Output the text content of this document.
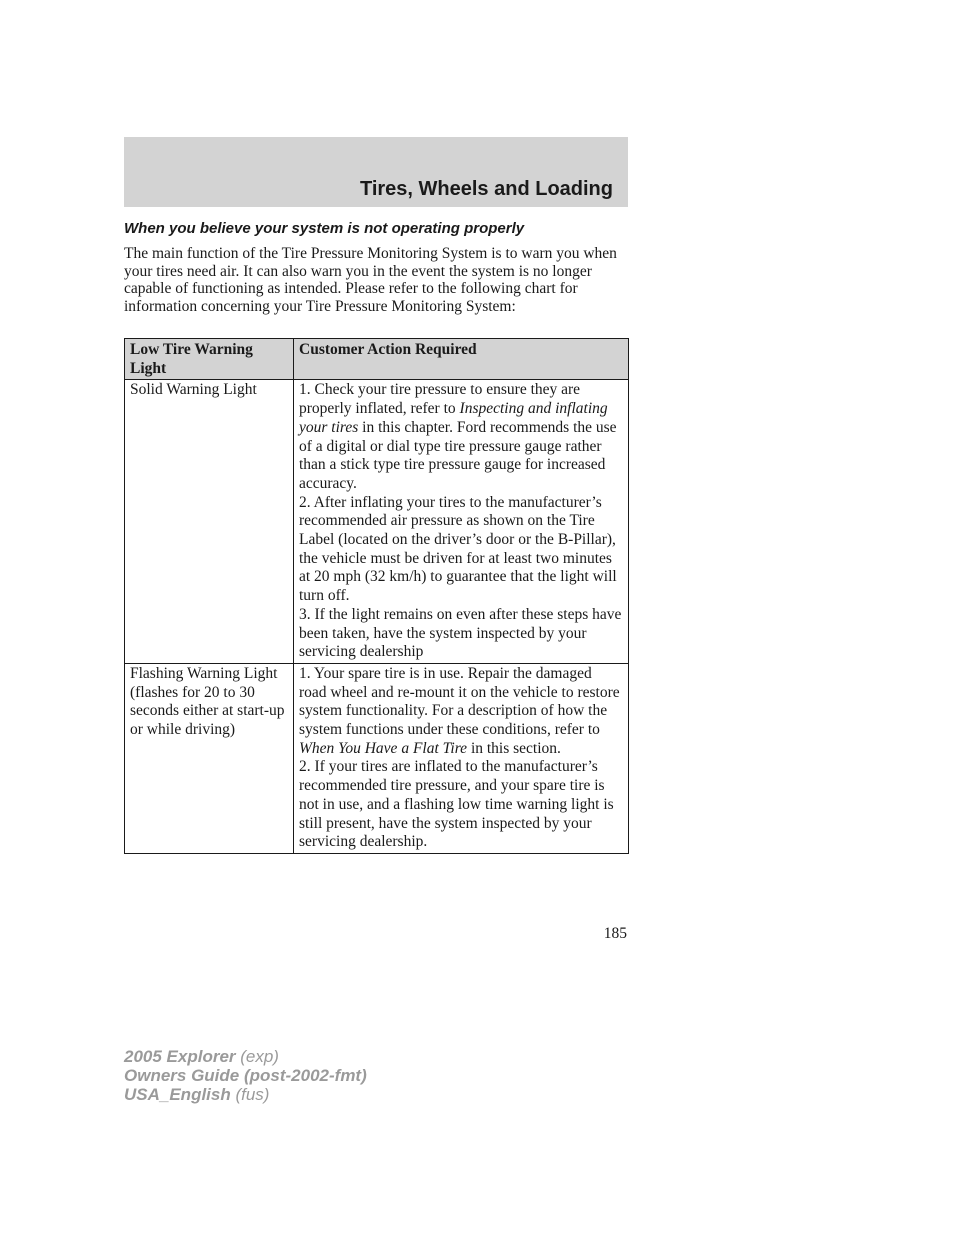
Tires, Wheels and Loading
When you believe your system is not operating properly

The main function of the Tire Pressure Monitoring System is to warn you when your tires need air. It can also warn you in the event the system is no longer capable of functioning as intended. Please refer to the following chart for information concerning your Tire Pressure Monitoring System:

Low Tire Warning Light	Customer Action Required
Solid Warning Light	1. Check your tire pressure to ensure they are properly inflated, refer to Inspecting and inflating your tires in this chapter. Ford recommends the use of a digital or dial type tire pressure gauge rather than a stick type tire pressure gauge for increased accuracy.
2. After inflating your tires to the manufacturer’s recommended air pressure as shown on the Tire Label (located on the driver’s door or the B-Pillar), the vehicle must be driven for at least two minutes at 20 mph (32 km/h) to guarantee that the light will turn off.
3. If the light remains on even after these steps have been taken, have the system inspected by your servicing dealership

Flashing Warning Light (flashes for 20 to 30 seconds either at start-up or while driving)	1. Your spare tire is in use. Repair the damaged road wheel and re-mount it on the vehicle to restore system functionality. For a description of how the system functions under these conditions, refer to When You Have a Flat Tire in this section.
2. If your tires are inflated to the manufacturer’s recommended tire pressure, and your spare tire is not in use, and a flashing low time warning light is still present, have the system inspected by your servicing dealership.
185
2005 Explorer (exp)
Owners Guide (post-2002-fmt)
USA_English (fus)
